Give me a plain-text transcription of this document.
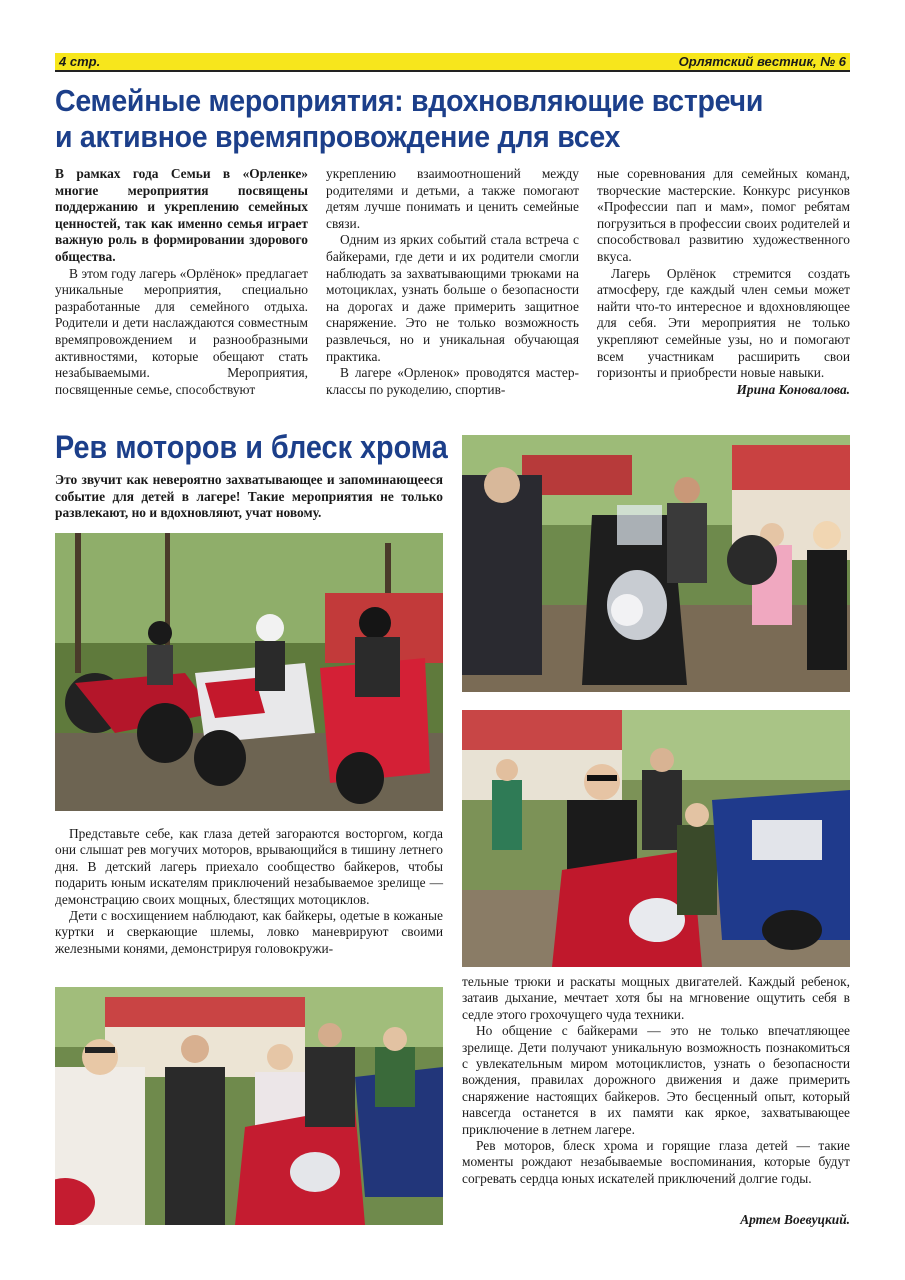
4 стр.	Орлятский вестник, № 6
Семейные мероприятия: вдохновляющие встречи
и активное времяпровождение для всех

В рамках года Семьи в «Орленке» многие мероприятия посвящены поддержанию и укреплению семейных ценностей, так как именно семья играет важную роль в формировании здорового общества.

В этом году лагерь «Орлёнок» предлагает уникальные мероприятия, специально разработанные для семейного отдыха. Родители и дети наслаждаются совместным времяпровождением и разнообразными активностями, которые обещают стать незабываемыми. Мероприятия, посвященные семье, способствуют

укреплению взаимоотношений между родителями и детьми, а также помогают детям лучше понимать и ценить семейные связи.

Одним из ярких событий стала встреча с байкерами, где дети и их родители смогли наблюдать за захватывающими трюками на мотоциклах, узнать больше о безопасности на дорогах и даже примерить защитное снаряжение. Это не только возможность развлечься, но и уникальная обучающая практика.

В лагере «Орленок» проводятся мастер-классы по рукоделию, спортив-

ные соревнования для семейных команд, творческие мастерские. Конкурс рисунков «Профессии пап и мам», помог ребятам погрузиться в профессии своих родителей и способствовал развитию художественного вкуса.

Лагерь Орлёнок стремится создать атмосферу, где каждый член семьи может найти что-то интересное и вдохновляющее для себя. Эти мероприятия не только укрепляют семейные узы, но и помогают всем участникам расширить свои горизонты и приобрести новые навыки.

Ирина Коновалова.

Рев моторов и блеск хрома
Это звучит как невероятно захватывающее и запоминающееся событие для детей в лагере! Такие мероприятия не только развлекают, но и вдохновляют, учат новому.

Представьте себе, как глаза детей загораются восторгом, когда они слышат рев могучих моторов, врывающийся в тишину летнего дня. В детский лагерь приехало сообщество байкеров, чтобы подарить юным искателям приключений незабываемое зрелище — демонстрацию своих мощных, блестящих мотоциклов.

Дети с восхищением наблюдают, как байкеры, одетые в кожаные куртки и сверкающие шлемы, ловко маневрируют своими железными конями, демонстрируя головокружи-

тельные трюки и раскаты мощных двигателей. Каждый ребенок, затаив дыхание, мечтает хотя бы на мгновение ощутить себя в седле этого грохочущего чуда техники.

Но общение с байкерами — это не только впечатляющее зрелище. Дети получают уникальную возможность познакомиться с увлекательным миром мотоциклистов, узнать о безопасности вождения, правилах дорожного движения и даже примерить снаряжение настоящих байкеров. Это бесценный опыт, который навсегда останется в их памяти как яркое, захватывающее приключение в летнем лагере.

Рев моторов, блеск хрома и горящие глаза детей — такие моменты рождают незабываемые воспоминания, которые будут согревать сердца юных искателей приключений долгие годы.

Артем Воевуцкий.
